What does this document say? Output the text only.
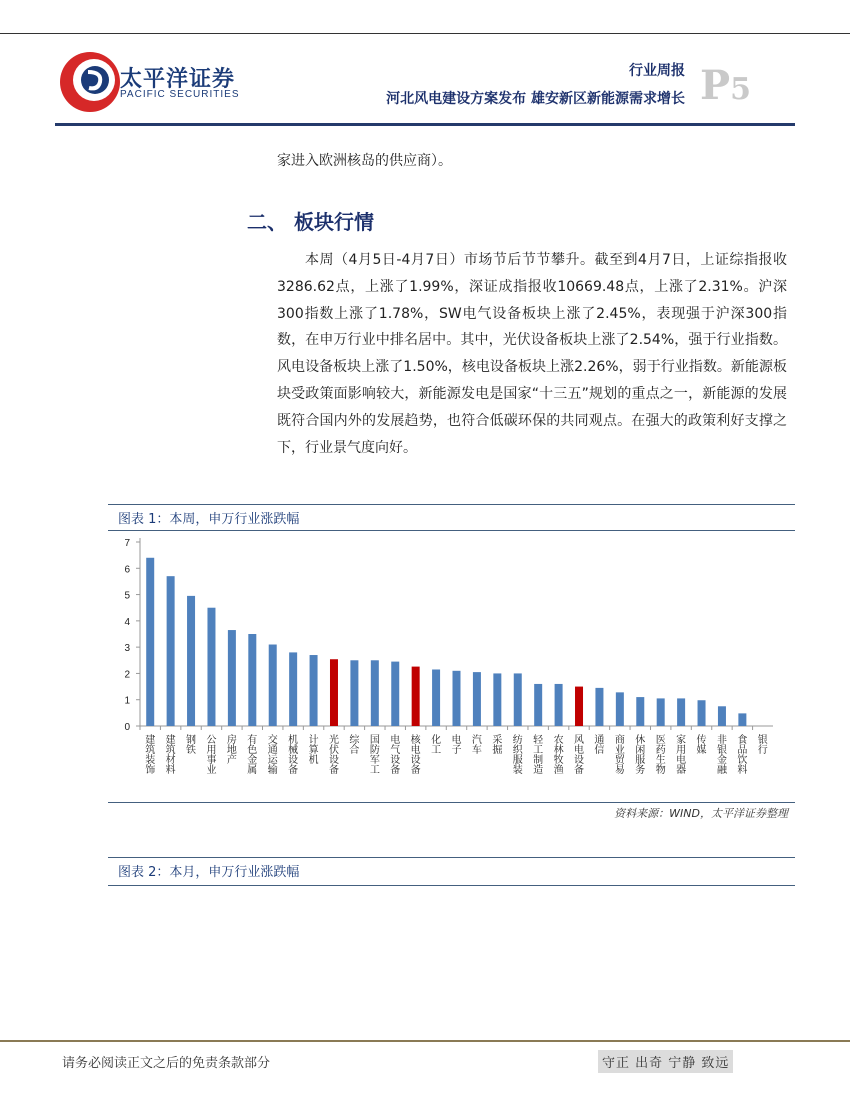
太平洋证券
PACIFIC SECURITIES
行业周报
河北风电建设方案发布 雄安新区新能源需求增长 P5
家进入欧洲核岛的供应商）。
二、 板块行情
本周（4月5日-4月7日）市场节后节节攀升。截至到4月7日，上证综指报收3286.62点，上涨了1.99%，深证成指报收10669.48点，上涨了2.31%。沪深300指数上涨了1.78%，SW电气设备板块上涨了2.45%，表现强于沪深300指数，在申万行业中排名居中。其中，光伏设备板块上涨了2.54%，强于行业指数。风电设备板块上涨了1.50%，核电设备板块上涨2.26%，弱于行业指数。新能源板块受政策面影响较大，新能源发电是国家“十三五”规划的重点之一，新能源的发展既符合国内外的发展趋势，也符合低碳环保的共同观点。在强大的政策利好支撑之下，行业景气度向好。
图表 1：本周，申万行业涨跌幅
0
1
2
3
4
5
6
7
建筑装饰 建筑材料 钢铁 公用事业 房地产 有色金属 交通运输 机械设备 计算机 光伏设备 综合 国防军工 电气设备 核电设备 化工 电子 汽车 采掘 纺织服装 轻工制造 农林牧渔 风电设备 通信 商业贸易 休闲服务 医药生物 家用电器 传媒 非银金融 食品饮料 银行
资料来源：WIND，太平洋证券整理
图表 2：本月，申万行业涨跌幅
请务必阅读正文之后的免责条款部分	守正 出奇 宁静 致远
